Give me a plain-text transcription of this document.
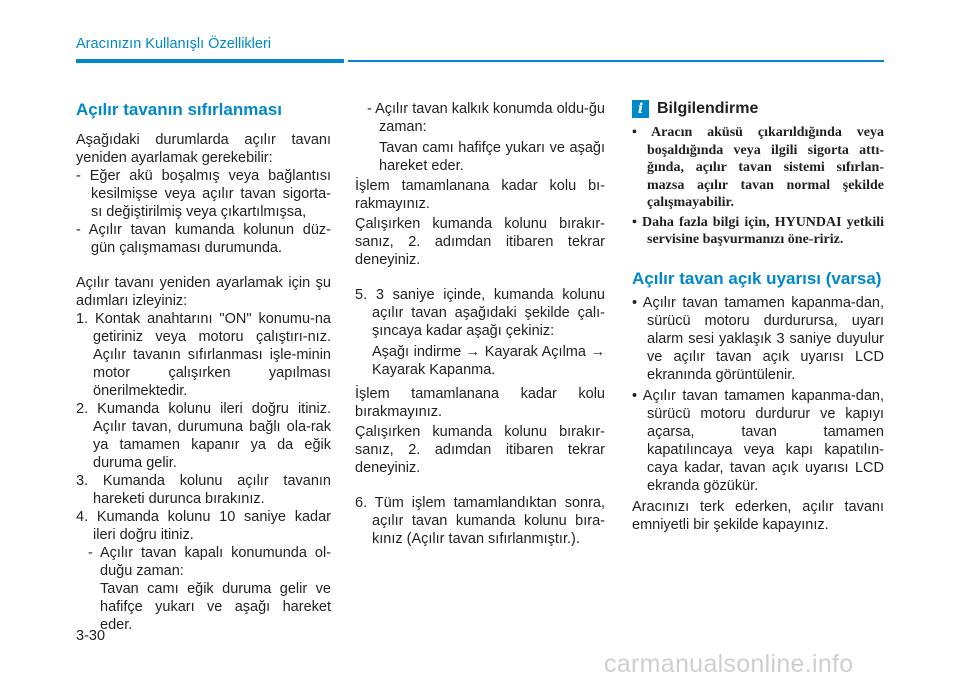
Aracınızın Kullanışlı Özellikleri
Açılır tavanın sıfırlanması

Aşağıdaki durumlarda açılır tavanı yeniden ayarlamak gerekebilir:

- Eğer akü boşalmış veya bağlantısı kesilmişse veya açılır tavan sigorta-sı değiştirilmiş veya çıkartılmışsa,

- Açılır tavan kumanda kolunun düz-gün çalışmaması durumunda.

Açılır tavanı yeniden ayarlamak için şu adımları izleyiniz:

1. Kontak anahtarını "ON" konumu-na getiriniz veya motoru çalıştırı-nız. Açılır tavanın sıfırlanması işle-minin motor çalışırken yapılması önerilmektedir.

2. Kumanda kolunu ileri doğru itiniz. Açılır tavan, durumuna bağlı ola-rak ya tamamen kapanır ya da eğik duruma gelir.

3. Kumanda kolunu açılır tavanın hareketi durunca bırakınız.

4. Kumanda kolunu 10 saniye kadar ileri doğru itiniz.

- Açılır tavan kapalı konumunda ol-duğu zaman:

Tavan camı eğik duruma gelir ve hafifçe yukarı ve aşağı hareket eder.

- Açılır tavan kalkık konumda oldu-ğu zaman:

Tavan camı hafifçe yukarı ve aşağı hareket eder.

İşlem tamamlanana kadar kolu bı-rakmayınız.

Çalışırken kumanda kolunu bırakır-sanız, 2. adımdan itibaren tekrar deneyiniz.

5. 3 saniye içinde, kumanda kolunu açılır tavan aşağıdaki şekilde çalı-şıncaya kadar aşağı çekiniz:

Aşağı indirme → Kayarak Açılma → Kayarak Kapanma.

İşlem tamamlanana kadar kolu bırakmayınız.

Çalışırken kumanda kolunu bırakır-sanız, 2. adımdan itibaren tekrar deneyiniz.

6. Tüm işlem tamamlandıktan sonra, açılır tavan kumanda kolunu bıra-kınız (Açılır tavan sıfırlanmıştır.).

i Bilgilendirme

• Aracın aküsü çıkarıldığında veya boşaldığında veya ilgili sigorta attı-ğında, açılır tavan sistemi sıfırlan-mazsa açılır tavan normal şekilde çalışmayabilir.

• Daha fazla bilgi için, HYUNDAI yetkili servisine başvurmanızı öne-ririz.

Açılır tavan açık uyarısı (varsa)

• Açılır tavan tamamen kapanma-dan, sürücü motoru durdurursa, uyarı alarm sesi yaklaşık 3 saniye duyulur ve açılır tavan açık uyarısı LCD ekranında görüntülenir.

• Açılır tavan tamamen kapanma-dan, sürücü motoru durdurur ve kapıyı açarsa, tavan tamamen kapatılıncaya veya kapı kapatılın-caya kadar, tavan açık uyarısı LCD ekranda gözükür.

Aracınızı terk ederken, açılır tavanı emniyetli bir şekilde kapayınız.

3-30
carmanualsonline.info
